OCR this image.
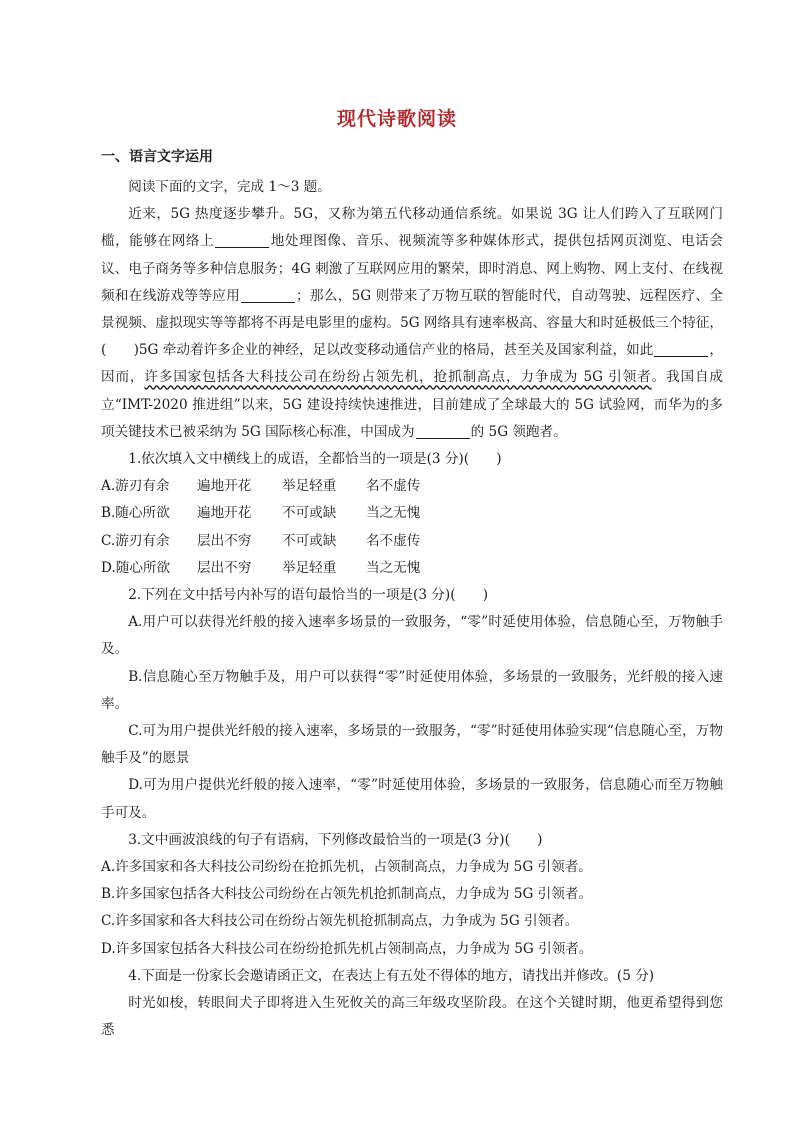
现代诗歌阅读
一、语言文字运用

阅读下面的文字，完成 1～3 题。

近来，5G 热度逐步攀升。5G，又称为第五代移动通信系统。如果说 3G 让人们跨入了互联网门槛，能够在网络上	地处理图像、音乐、视频流等多种媒体形式，提供包括网页浏览、电话会议、电子商务等多种信息服务；4G 刺激了互联网应用的繁荣，即时消息、网上购物、网上支付、在线视频和在线游戏等等应用	；那么，5G 则带来了万物互联的智能时代，自动驾驶、远程医疗、全景视频、虚拟现实等等都将不再是电影里的虚构。5G 网络具有速率极高、容量大和时延极低三个特征，(　　)5G 牵动着许多企业的神经，足以改变移动通信产业的格局，甚至关及国家利益，如此	，因而，许多国家包括各大科技公司在纷纷占领先机，抢抓制高点，力争成为 5G 引领者。我国自成立“IMT-2020 推进组”以来，5G 建设持续快速推进，目前建成了全球最大的 5G 试验网，而华为的多项关键技术已被采纳为 5G 国际核心标准，中国成为	的 5G 领跑者。

1.依次填入文中横线上的成语，全都恰当的一项是(3 分)(　　)

A.游刃有余	遍地开花	举足轻重	名不虚传
B.随心所欲	遍地开花	不可或缺	当之无愧
C.游刃有余	层出不穷	不可或缺	名不虚传
D.随心所欲	层出不穷	举足轻重	当之无愧

2.下列在文中括号内补写的语句最恰当的一项是(3 分)(　　)

A.用户可以获得光纤般的接入速率多场景的一致服务，“零”时延使用体验，信息随心至，万物触手及。

B.信息随心至万物触手及，用户可以获得“零”时延使用体验，多场景的一致服务，光纤般的接入速率。

C.可为用户提供光纤般的接入速率，多场景的一致服务，“零”时延使用体验实现“信息随心至，万物触手及”的愿景

D.可为用户提供光纤般的接入速率，“零”时延使用体验，多场景的一致服务，信息随心而至万物触手可及。

3.文中画波浪线的句子有语病，下列修改最恰当的一项是(3 分)(　　)

A.许多国家和各大科技公司纷纷在抢抓先机，占领制高点，力争成为 5G 引领者。

B.许多国家包括各大科技公司纷纷在占领先机抢抓制高点，力争成为 5G 引领者。

C.许多国家和各大科技公司在纷纷占领先机抢抓制高点，力争成为 5G 引领者。

D.许多国家包括各大科技公司在纷纷抢抓先机占领制高点，力争成为 5G 引领者。

4.下面是一份家长会邀请函正文，在表达上有五处不得体的地方，请找出并修改。(5 分)

时光如梭，转眼间犬子即将进入生死攸关的高三年级攻坚阶段。在这个关键时期，他更希望得到您悉
